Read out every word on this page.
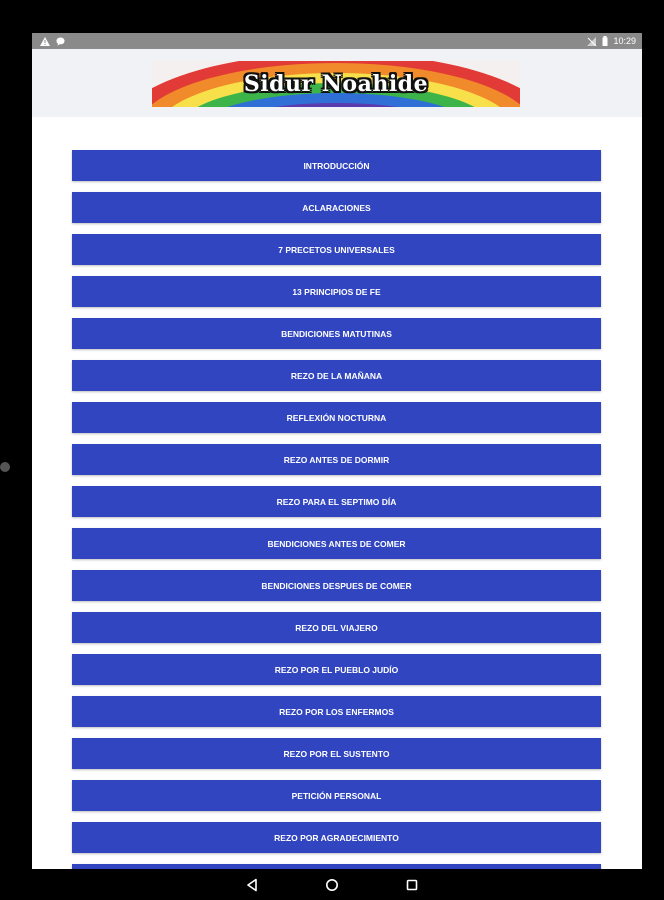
10:29
Sidur Noahide
INTRODUCCIÓN
ACLARACIONES
7 PRECETOS UNIVERSALES
13 PRINCIPIOS DE FE
BENDICIONES MATUTINAS
REZO DE LA MAÑANA
REFLEXIÓN NOCTURNA
REZO ANTES DE DORMIR
REZO PARA EL SEPTIMO DÍA
BENDICIONES ANTES DE COMER
BENDICIONES DESPUES DE COMER
REZO DEL VIAJERO
REZO POR EL PUEBLO JUDÍO
REZO POR LOS ENFERMOS
REZO POR EL SUSTENTO
PETICIÓN PERSONAL
REZO POR AGRADECIMIENTO
